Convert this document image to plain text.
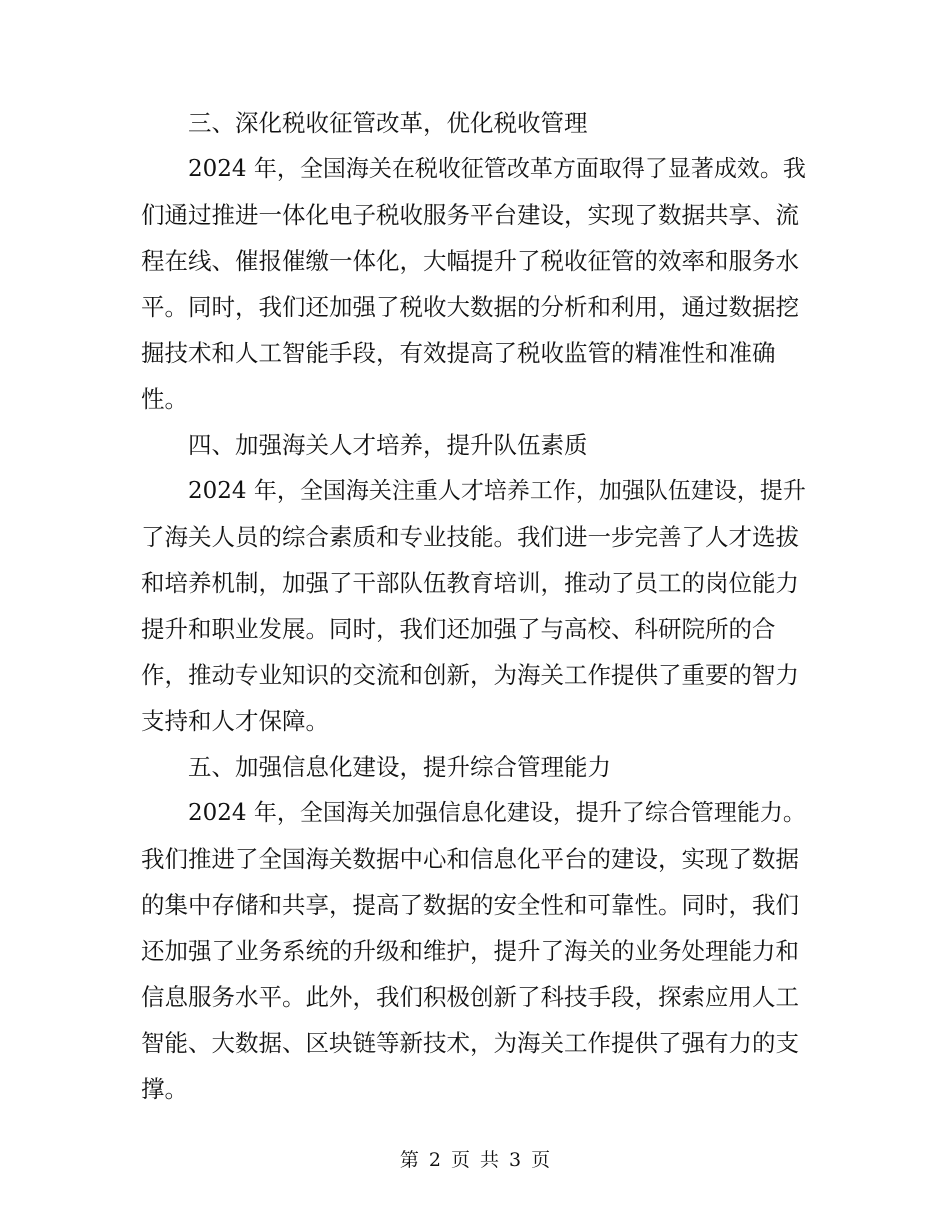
三、深化税收征管改革，优化税收管理
2024 年，全国海关在税收征管改革方面取得了显著成效。我
们通过推进一体化电子税收服务平台建设，实现了数据共享、流
程在线、催报催缴一体化，大幅提升了税收征管的效率和服务水
平。同时，我们还加强了税收大数据的分析和利用，通过数据挖
掘技术和人工智能手段，有效提高了税收监管的精准性和准确
性。
四、加强海关人才培养，提升队伍素质
2024 年，全国海关注重人才培养工作，加强队伍建设，提升
了海关人员的综合素质和专业技能。我们进一步完善了人才选拔
和培养机制，加强了干部队伍教育培训，推动了员工的岗位能力
提升和职业发展。同时，我们还加强了与高校、科研院所的合
作，推动专业知识的交流和创新，为海关工作提供了重要的智力
支持和人才保障。
五、加强信息化建设，提升综合管理能力
2024 年，全国海关加强信息化建设，提升了综合管理能力。
我们推进了全国海关数据中心和信息化平台的建设，实现了数据
的集中存储和共享，提高了数据的安全性和可靠性。同时，我们
还加强了业务系统的升级和维护，提升了海关的业务处理能力和
信息服务水平。此外，我们积极创新了科技手段，探索应用人工
智能、大数据、区块链等新技术，为海关工作提供了强有力的支
撑。
第 2 页 共 3 页
